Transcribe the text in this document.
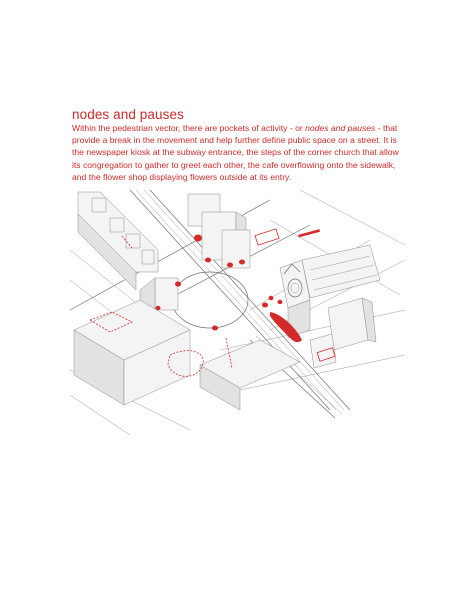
nodes and pauses
Within the pedestrian vector, there are pockets of activity - or nodes and pauses - that
provide a break in the movement and help further define public space on a street. It is
the newspaper kiosk at the subway entrance, the steps of the corner church that allow
its congregation to gather to greet each other, the cafe overflowing onto the sidewalk,
and the flower shop displaying flowers outside at its entry.
